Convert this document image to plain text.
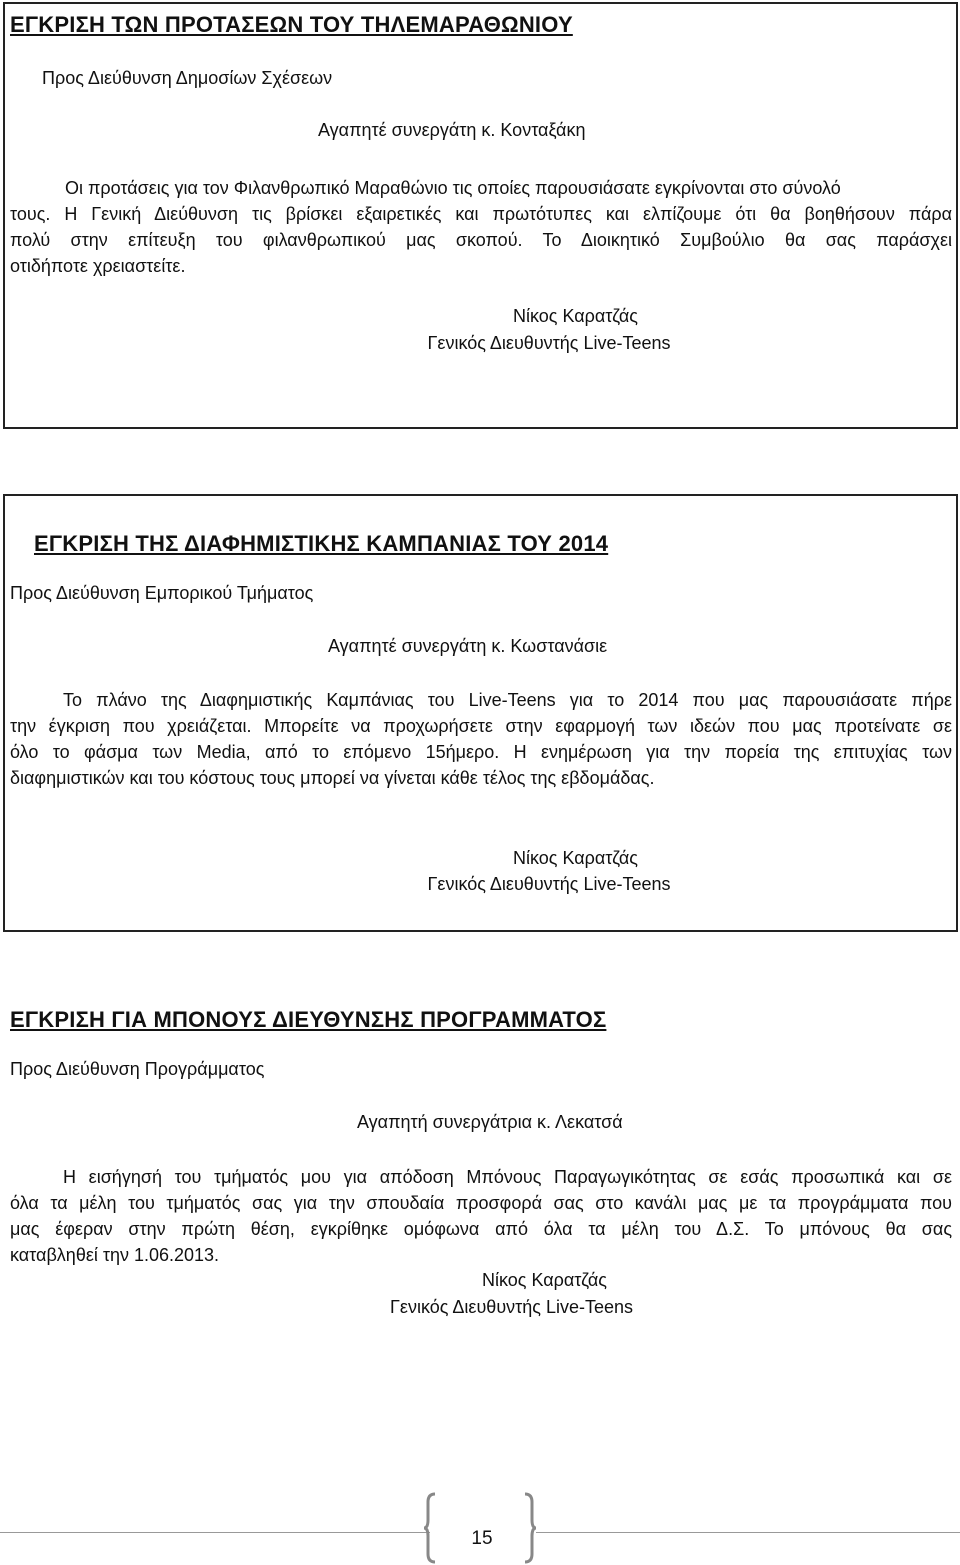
ΕΓΚΡΙΣΗ ΤΩΝ ΠΡΟΤΑΣΕΩΝ ΤΟΥ ΤΗΛΕΜΑΡΑΘΩΝΙΟΥ
Προς Διεύθυνση Δημοσίων Σχέσεων
Αγαπητέ συνεργάτη κ. Κονταξάκη
Οι προτάσεις για τον Φιλανθρωπικό Μαραθώνιο τις οποίες παρουσιάσατε εγκρίνονται στο σύνολό
τους. Η Γενική Διεύθυνση τις βρίσκει εξαιρετικές και πρωτότυπες και ελπίζουμε ότι θα βοηθήσουν πάρα
πολύ στην επίτευξη του φιλανθρωπικού μας σκοπού. Το Διοικητικό Συμβούλιο θα σας παράσχει
οτιδήποτε χρειαστείτε.
Νίκος Καρατζάς
Γενικός Διευθυντής Live-Teens
ΕΓΚΡΙΣΗ ΤΗΣ ΔΙΑΦΗΜΙΣΤΙΚΗΣ ΚΑΜΠΑΝΙΑΣ ΤΟΥ 2014
Προς Διεύθυνση Εμπορικού Τμήματος
Αγαπητέ συνεργάτη κ. Κωστανάσιε
Το πλάνο της Διαφημιστικής Καμπάνιας του Live-Teens για το 2014 που μας παρουσιάσατε πήρε
την έγκριση που χρειάζεται. Μπορείτε να προχωρήσετε στην εφαρμογή των ιδεών που μας προτείνατε σε
όλο το φάσμα των Media, από το επόμενο 15ήμερο. Η ενημέρωση για την πορεία της επιτυχίας των
διαφημιστικών και του κόστους τους μπορεί να γίνεται κάθε τέλος της εβδομάδας.
Νίκος Καρατζάς
Γενικός Διευθυντής Live-Teens
ΕΓΚΡΙΣΗ ΓΙΑ ΜΠΟΝΟΥΣ ΔΙΕΥΘΥΝΣΗΣ ΠΡΟΓΡΑΜΜΑΤΟΣ
Προς Διεύθυνση Προγράμματος
Αγαπητή συνεργάτρια κ. Λεκατσά
Η εισήγησή του τμήματός μου για απόδοση Μπόνους Παραγωγικότητας σε εσάς προσωπικά και σε
όλα τα μέλη του τμήματός σας για την σπουδαία προσφορά σας στο κανάλι μας με τα προγράμματα που
μας έφεραν στην πρώτη θέση, εγκρίθηκε ομόφωνα από όλα τα μέλη του Δ.Σ. Το μπόνους θα σας
καταβληθεί την 1.06.2013.
Νίκος Καρατζάς
Γενικός Διευθυντής Live-Teens
15
